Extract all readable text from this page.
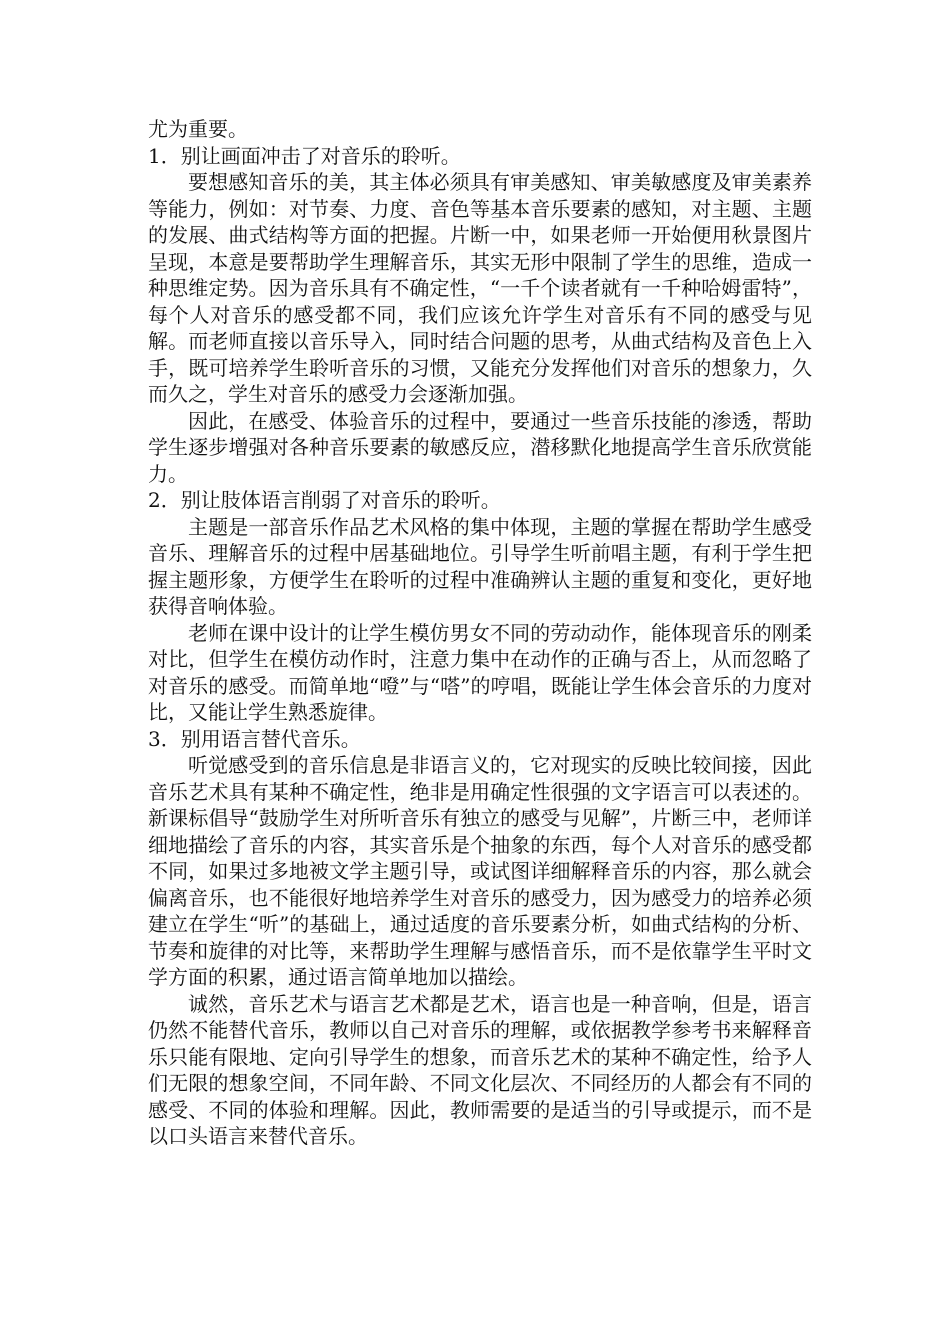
尤为重要。

1．别让画面冲击了对音乐的聆听。

要想感知音乐的美，其主体必须具有审美感知、审美敏感度及审美素养等能力，例如：对节奏、力度、音色等基本音乐要素的感知，对主题、主题的发展、曲式结构等方面的把握。片断一中，如果老师一开始便用秋景图片呈现，本意是要帮助学生理解音乐，其实无形中限制了学生的思维，造成一种思维定势。因为音乐具有不确定性，“一千个读者就有一千种哈姆雷特”，每个人对音乐的感受都不同，我们应该允许学生对音乐有不同的感受与见解。而老师直接以音乐导入，同时结合问题的思考，从曲式结构及音色上入手，既可培养学生聆听音乐的习惯，又能充分发挥他们对音乐的想象力，久而久之，学生对音乐的感受力会逐渐加强。

因此，在感受、体验音乐的过程中，要通过一些音乐技能的渗透，帮助学生逐步增强对各种音乐要素的敏感反应，潜移默化地提高学生音乐欣赏能力。

2．别让肢体语言削弱了对音乐的聆听。

主题是一部音乐作品艺术风格的集中体现，主题的掌握在帮助学生感受音乐、理解音乐的过程中居基础地位。引导学生听前唱主题，有利于学生把握主题形象，方便学生在聆听的过程中准确辨认主题的重复和变化，更好地获得音响体验。

老师在课中设计的让学生模仿男女不同的劳动动作，能体现音乐的刚柔对比，但学生在模仿动作时，注意力集中在动作的正确与否上，从而忽略了对音乐的感受。而简单地“噔”与“嗒”的哼唱，既能让学生体会音乐的力度对比，又能让学生熟悉旋律。

3．别用语言替代音乐。

听觉感受到的音乐信息是非语言义的，它对现实的反映比较间接，因此音乐艺术具有某种不确定性，绝非是用确定性很强的文字语言可以表述的。新课标倡导“鼓励学生对所听音乐有独立的感受与见解”，片断三中，老师详细地描绘了音乐的内容，其实音乐是个抽象的东西，每个人对音乐的感受都不同，如果过多地被文学主题引导，或试图详细解释音乐的内容，那么就会偏离音乐，也不能很好地培养学生对音乐的感受力，因为感受力的培养必须建立在学生“听”的基础上，通过适度的音乐要素分析，如曲式结构的分析、节奏和旋律的对比等，来帮助学生理解与感悟音乐，而不是依靠学生平时文学方面的积累，通过语言简单地加以描绘。

诚然，音乐艺术与语言艺术都是艺术，语言也是一种音响，但是，语言仍然不能替代音乐，教师以自己对音乐的理解，或依据教学参考书来解释音乐只能有限地、定向引导学生的想象，而音乐艺术的某种不确定性，给予人们无限的想象空间，不同年龄、不同文化层次、不同经历的人都会有不同的感受、不同的体验和理解。因此，教师需要的是适当的引导或提示，而不是以口头语言来替代音乐。
